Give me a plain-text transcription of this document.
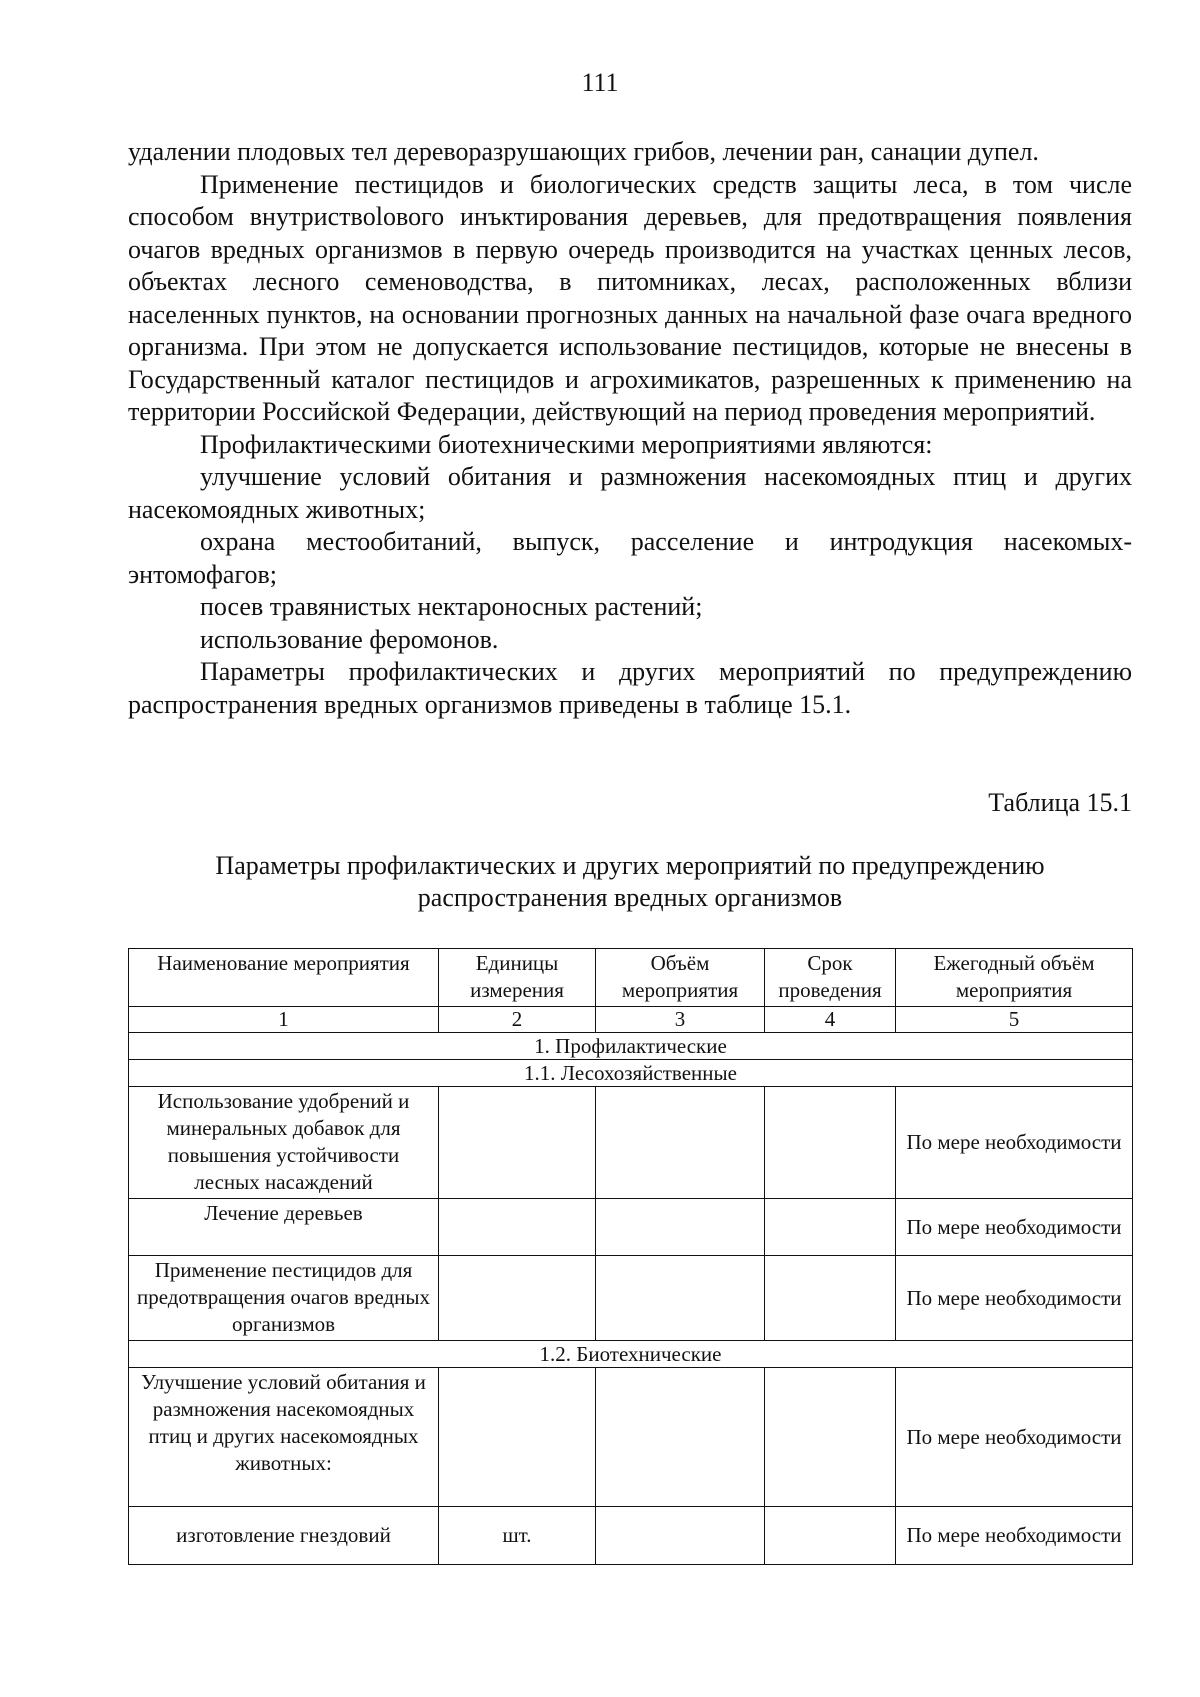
111

удалении плодовых тел дереворазрушающих грибов, лечении ран, санации дупел.

Применение пестицидов и биологических средств защиты леса, в том числе способом внутриствolового инъктирования деревьев, для предотвращения появления очагов вредных организмов в первую очередь производится на участках ценных лесов, объектах лесного семеноводства, в питомниках, лесах, расположенных вблизи населенных пунктов, на основании прогнозных данных на начальной фазе очага вредного организма. При этом не допускается использование пестицидов, которые не внесены в Государственный каталог пестицидов и агрохимикатов, разрешенных к применению на территории Российской Федерации, действующий на период проведения мероприятий.

Профилактическими биотехническими мероприятиями являются:

улучшение условий обитания и размножения насекомоядных птиц и других насекомоядных животных;

охрана местообитаний, выпуск, расселение и интродукция насекомых-энтомофагов;

посев травянистых нектароносных растений;

использование феромонов.

Параметры профилактических и других мероприятий по предупреждению распространения вредных организмов приведены в таблице 15.1.

Таблица 15.1
Параметры профилактических и других мероприятий по предупреждению
распространения вредных организмов
Наименование мероприятия	Единицы измерения	Объём мероприятия	Срок проведения	Ежегодный объём мероприятия
1	2	3	4	5
1. Профилактические				
1.1. Лесохозяйственные				
Использование удобрений и минеральных добавок для повышения устойчивости лесных насаждений				По мере необходимости
Лечение деревьев				По мере необходимости
Применение пестицидов для предотвращения очагов вредных организмов				По мере необходимости
1.2. Биотехнические				
Улучшение условий обитания и размножения насекомоядных птиц и других насекомоядных животных:				По мере необходимости
изготовление гнездовий	шт.			По мере необходимости
